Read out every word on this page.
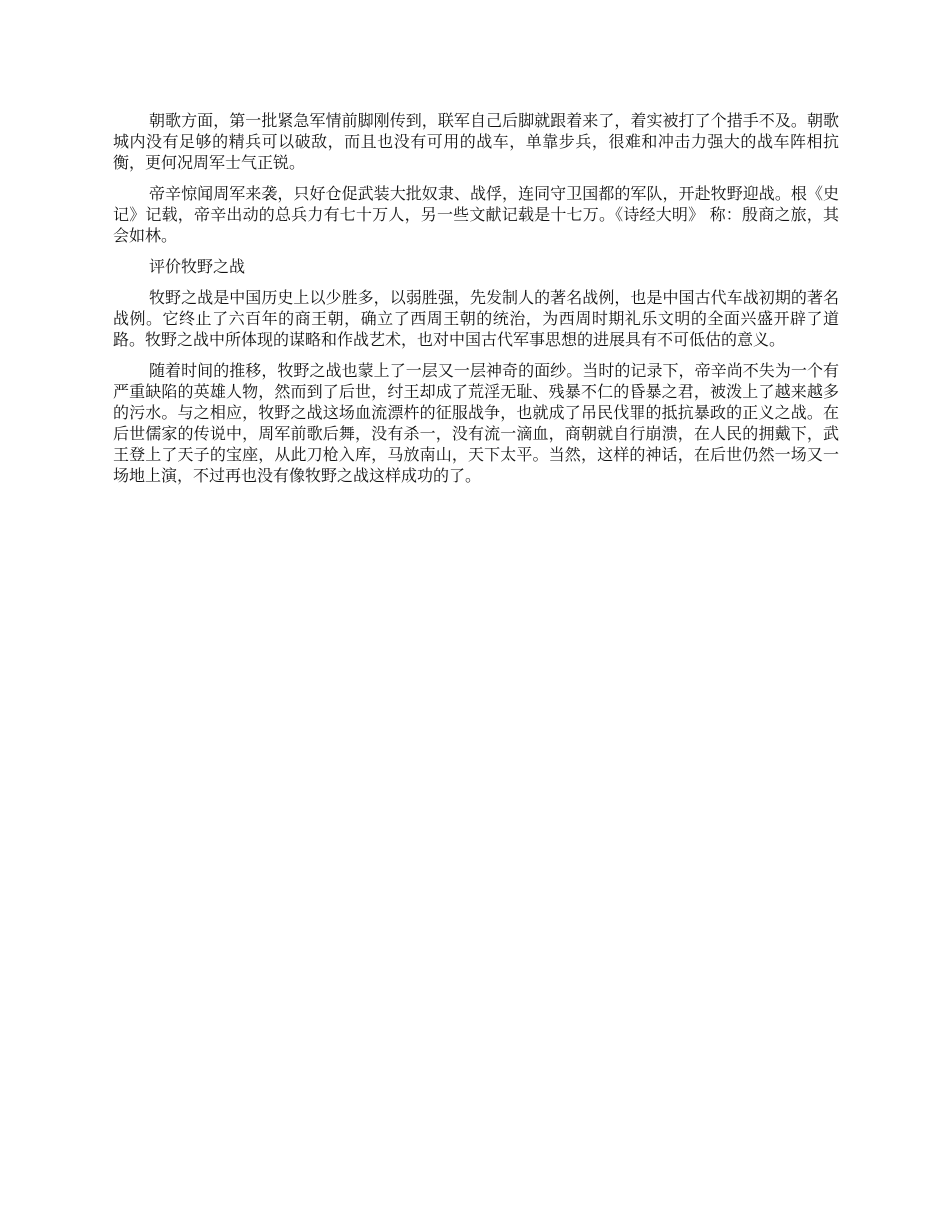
朝歌方面，第一批紧急军情前脚刚传到，联军自己后脚就跟着来了，着实被打了个措手不及。朝歌城内没有足够的精兵可以破敌，而且也没有可用的战车，单靠步兵，很难和冲击力强大的战车阵相抗衡，更何况周军士气正锐。

帝辛惊闻周军来袭，只好仓促武装大批奴隶、战俘，连同守卫国都的军队，开赴牧野迎战。根《史记》记载，帝辛出动的总兵力有七十万人，另一些文献记载是十七万。《诗经大明》 称：殷商之旅，其会如林。

评价牧野之战

牧野之战是中国历史上以少胜多，以弱胜强，先发制人的著名战例，也是中国古代车战初期的著名战例。它终止了六百年的商王朝，确立了西周王朝的统治，为西周时期礼乐文明的全面兴盛开辟了道路。牧野之战中所体现的谋略和作战艺术，也对中国古代军事思想的进展具有不可低估的意义。

随着时间的推移，牧野之战也蒙上了一层又一层神奇的面纱。当时的记录下，帝辛尚不失为一个有严重缺陷的英雄人物，然而到了后世，纣王却成了荒淫无耻、残暴不仁的昏暴之君，被泼上了越来越多的污水。与之相应，牧野之战这场血流漂杵的征服战争，也就成了吊民伐罪的抵抗暴政的正义之战。在后世儒家的传说中，周军前歌后舞，没有杀一，没有流一滴血，商朝就自行崩溃，在人民的拥戴下，武王登上了天子的宝座，从此刀枪入库，马放南山，天下太平。当然，这样的神话，在后世仍然一场又一场地上演，不过再也没有像牧野之战这样成功的了。
